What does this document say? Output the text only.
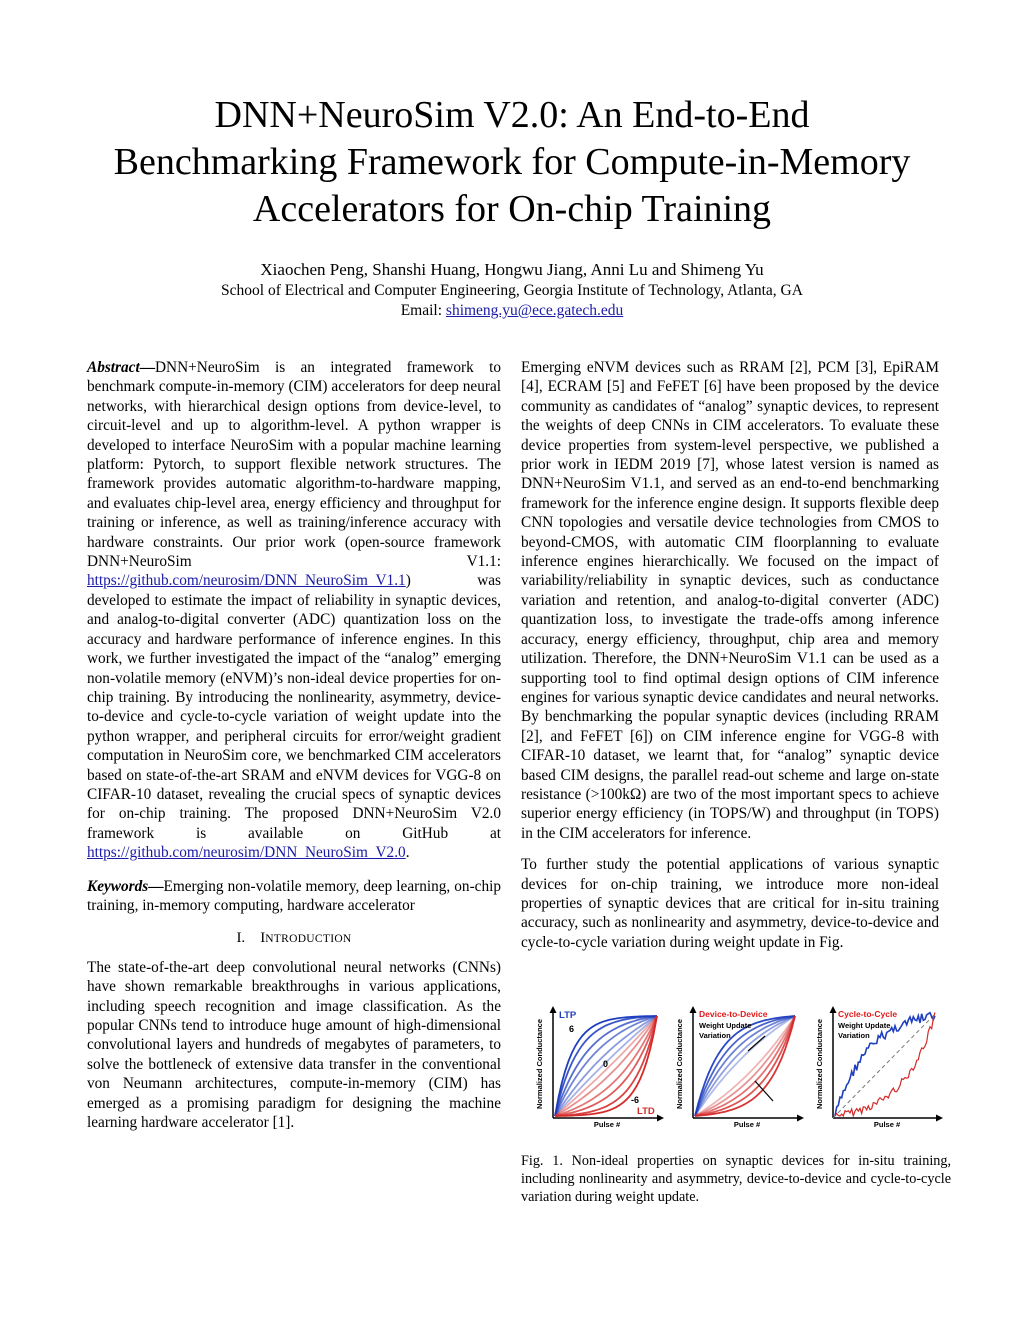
DNN+NeuroSim V2.0: An End-to-End
Benchmarking Framework for Compute-in-Memory
Accelerators for On-chip Training
Xiaochen Peng, Shanshi Huang, Hongwu Jiang, Anni Lu and Shimeng Yu
School of Electrical and Computer Engineering, Georgia Institute of Technology, Atlanta, GA
Email: shimeng.yu@ece.gatech.edu

Abstract—DNN+NeuroSim is an integrated framework to benchmark compute-in-memory (CIM) accelerators for deep neural networks, with hierarchical design options from device-level, to circuit-level and up to algorithm-level. A python wrapper is developed to interface NeuroSim with a popular machine learning platform: Pytorch, to support flexible network structures. The framework provides automatic algorithm-to-hardware mapping, and evaluates chip-level area, energy efficiency and throughput for training or inference, as well as training/inference accuracy with hardware constraints. Our prior work (open-source framework DNN+NeuroSim V1.1: https://github.com/neurosim/DNN_NeuroSim_V1.1) was developed to estimate the impact of reliability in synaptic devices, and analog-to-digital converter (ADC) quantization loss on the accuracy and hardware performance of inference engines. In this work, we further investigated the impact of the “analog” emerging non-volatile memory (eNVM)’s non-ideal device properties for on-chip training. By introducing the nonlinearity, asymmetry, device-to-device and cycle-to-cycle variation of weight update into the python wrapper, and peripheral circuits for error/weight gradient computation in NeuroSim core, we benchmarked CIM accelerators based on state-of-the-art SRAM and eNVM devices for VGG-8 on CIFAR-10 dataset, revealing the crucial specs of synaptic devices for on-chip training. The proposed DNN+NeuroSim V2.0 framework is available on GitHub at https://github.com/neurosim/DNN_NeuroSim_V2.0.

Keywords—Emerging non-volatile memory, deep learning, on-chip training, in-memory computing, hardware accelerator

I. INTRODUCTION

The state-of-the-art deep convolutional neural networks (CNNs) have shown remarkable breakthroughs in various applications, including speech recognition and image classification. As the popular CNNs tend to introduce huge amount of high-dimensional convolutional layers and hundreds of megabytes of parameters, to solve the bottleneck of extensive data transfer in the conventional von Neumann architectures, compute-in-memory (CIM) has emerged as a promising paradigm for designing the machine learning hardware accelerator [1].

Emerging eNVM devices such as RRAM [2], PCM [3], EpiRAM [4], ECRAM [5] and FeFET [6] have been proposed by the device community as candidates of “analog” synaptic devices, to represent the weights of deep CNNs in CIM accelerators. To evaluate these device properties from system-level perspective, we published a prior work in IEDM 2019 [7], whose latest version is named as DNN+NeuroSim V1.1, and served as an end-to-end benchmarking framework for the inference engine design. It supports flexible deep CNN topologies and versatile device technologies from CMOS to beyond-CMOS, with automatic CIM floorplanning to evaluate inference engines hierarchically. We focused on the impact of variability/reliability in synaptic devices, such as conductance variation and retention, and analog-to-digital converter (ADC) quantization loss, to investigate the trade-offs among inference accuracy, energy efficiency, throughput, chip area and memory utilization. Therefore, the DNN+NeuroSim V1.1 can be used as a supporting tool to find optimal design options of CIM inference engines for various synaptic device candidates and neural networks. By benchmarking the popular synaptic devices (including RRAM [2], and FeFET [6]) on CIM inference engine for VGG-8 with CIFAR-10 dataset, we learnt that, for “analog” synaptic device based CIM designs, the parallel read-out scheme and large on-state resistance (>100kΩ) are two of the most important specs to achieve superior energy efficiency (in TOPS/W) and throughput (in TOPS) in the CIM accelerators for inference.

To further study the potential applications of various synaptic devices for on-chip training, we introduce more non-ideal properties of synaptic devices that are critical for in-situ training accuracy, such as nonlinearity and asymmetry, device-to-device and cycle-to-cycle variation during weight update in Fig.

LTP
6
0
-6
LTD
Pulse #
Normalized Conductance
Device-to-Device
Weight Update
Variation
Pulse #
Normalized Conductance
Cycle-to-Cycle
Weight Update
Variation
Pulse #
Normalized Conductance
Fig. 1. Non-ideal properties on synaptic devices for in-situ training, including nonlinearity and asymmetry, device-to-device and cycle-to-cycle variation during weight update.
